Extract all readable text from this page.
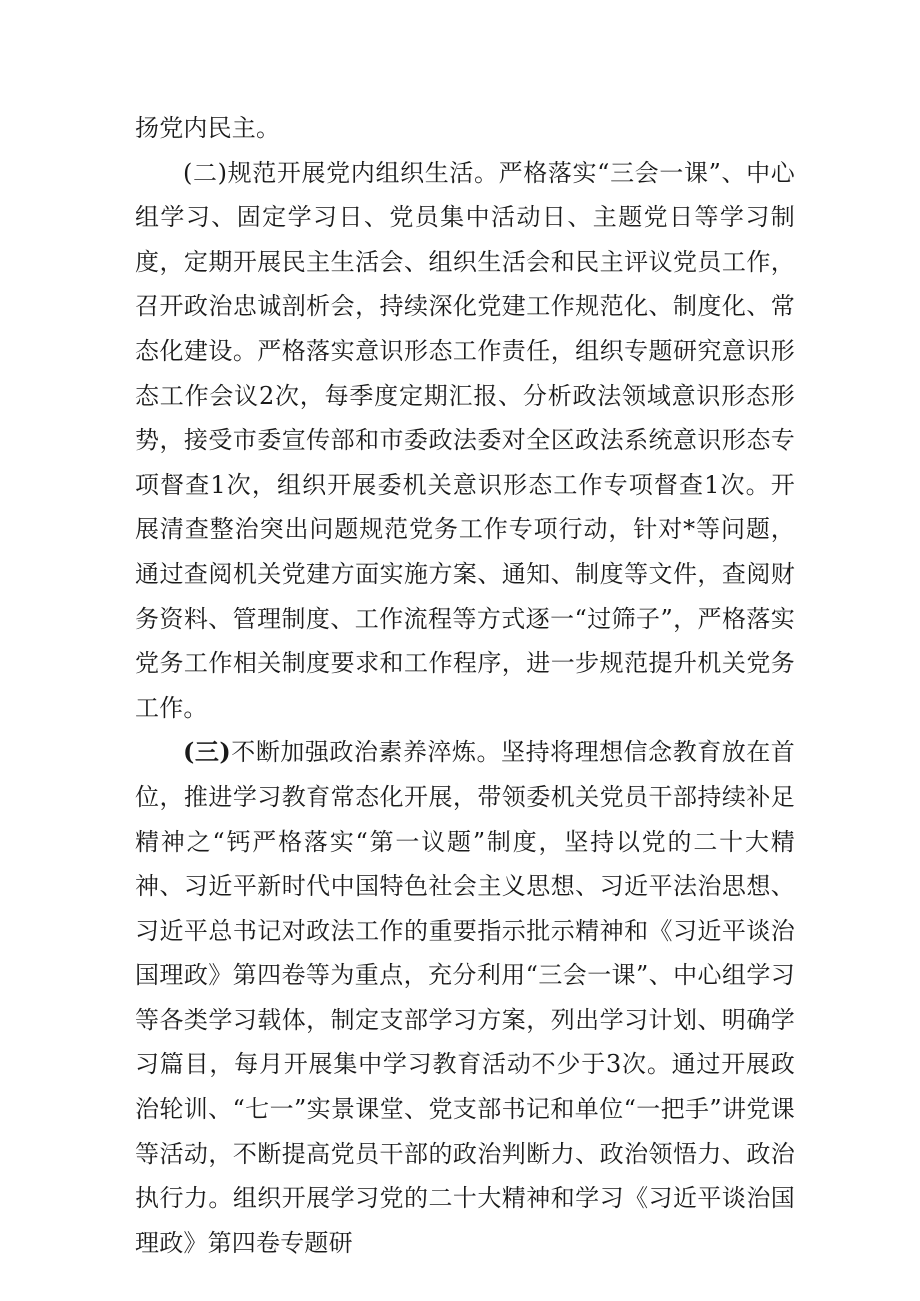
扬党内民主。

(二)规范开展党内组织生活。严格落实“三会一课”、中心组学习、固定学习日、党员集中活动日、主题党日等学习制度，定期开展民主生活会、组织生活会和民主评议党员工作，召开政治忠诚剖析会，持续深化党建工作规范化、制度化、常态化建设。严格落实意识形态工作责任，组织专题研究意识形态工作会议2次，每季度定期汇报、分析政法领域意识形态形势，接受市委宣传部和市委政法委对全区政法系统意识形态专项督查1次，组织开展委机关意识形态工作专项督查1次。开展清查整治突出问题规范党务工作专项行动，针对*等问题，通过查阅机关党建方面实施方案、通知、制度等文件，查阅财务资料、管理制度、工作流程等方式逐一“过筛子”，严格落实党务工作相关制度要求和工作程序，进一步规范提升机关党务工作。

(三)不断加强政治素养淬炼。坚持将理想信念教育放在首位，推进学习教育常态化开展，带领委机关党员干部持续补足精神之“钙严格落实“第一议题”制度，坚持以党的二十大精神、习近平新时代中国特色社会主义思想、习近平法治思想、习近平总书记对政法工作的重要指示批示精神和《习近平谈治国理政》第四卷等为重点，充分利用“三会一课”、中心组学习等各类学习载体，制定支部学习方案，列出学习计划、明确学习篇目，每月开展集中学习教育活动不少于3次。通过开展政治轮训、“七一”实景课堂、党支部书记和单位“一把手”讲党课等活动，不断提高党员干部的政治判断力、政治领悟力、政治执行力。组织开展学习党的二十大精神和学习《习近平谈治国理政》第四卷专题研
